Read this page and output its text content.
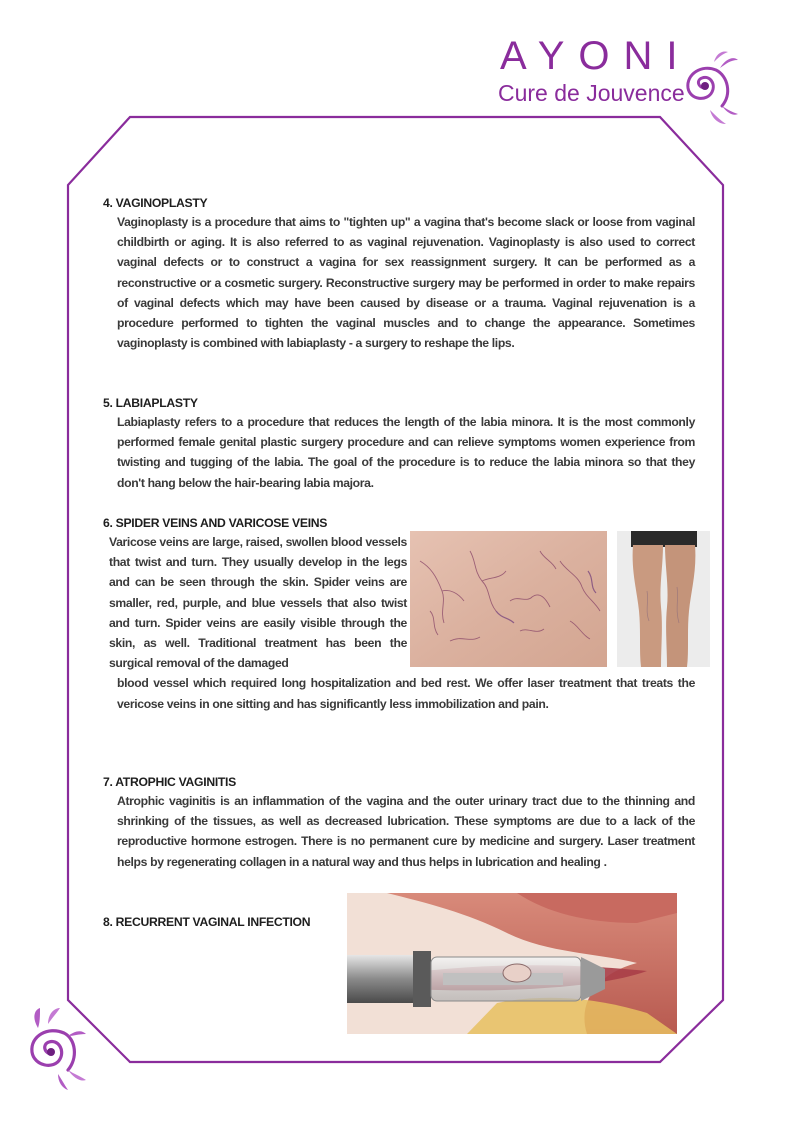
AYONI
Cure de Jouvence
4. VAGINOPLASTY

Vaginoplasty is a procedure that aims to "tighten up" a vagina that's become slack or loose from vaginal childbirth or aging. It is also referred to as vaginal rejuvenation. Vaginoplasty is also used to correct vaginal defects or to construct a vagina for sex reassignment surgery. It can be performed as a reconstructive or a cosmetic surgery. Reconstructive surgery may be performed in order to make repairs of vaginal defects which may have been caused by disease or a trauma. Vaginal rejuvenation is a procedure performed to tighten the vaginal muscles and to change the appearance. Sometimes vaginoplasty is combined with labiaplasty - a surgery to reshape the lips.

5. LABIAPLASTY

Labiaplasty refers to a procedure that reduces the length of the labia minora. It is the most commonly performed female genital plastic surgery procedure and can relieve symptoms women experience from twisting and tugging of the labia. The goal of the procedure is to reduce the labia minora so that they don't hang below the hair-bearing labia majora.

6. SPIDER VEINS AND VARICOSE VEINS

Varicose veins are large, raised, swollen blood vessels that twist and turn. They usually develop in the legs and can be seen through the skin. Spider veins are smaller, red, purple, and blue vessels that also twist and turn. Spider veins are easily visible through the skin, as well. Traditional treatment has been the surgical removal of the damaged

blood vessel which required long hospitalization and bed rest. We offer laser treatment that treats the vericose veins in one sitting and has significantly less immobilization and pain.

7. ATROPHIC VAGINITIS

Atrophic vaginitis is an inflammation of the vagina and the outer urinary tract due to the thinning and shrinking of the tissues, as well as decreased lubrication. These symptoms are due to a lack of the reproductive hormone estrogen. There is no permanent cure by medicine and surgery. Laser treatment helps by regenerating collagen in a natural way and thus helps in lubrication and healing .

8. RECURRENT VAGINAL INFECTION
